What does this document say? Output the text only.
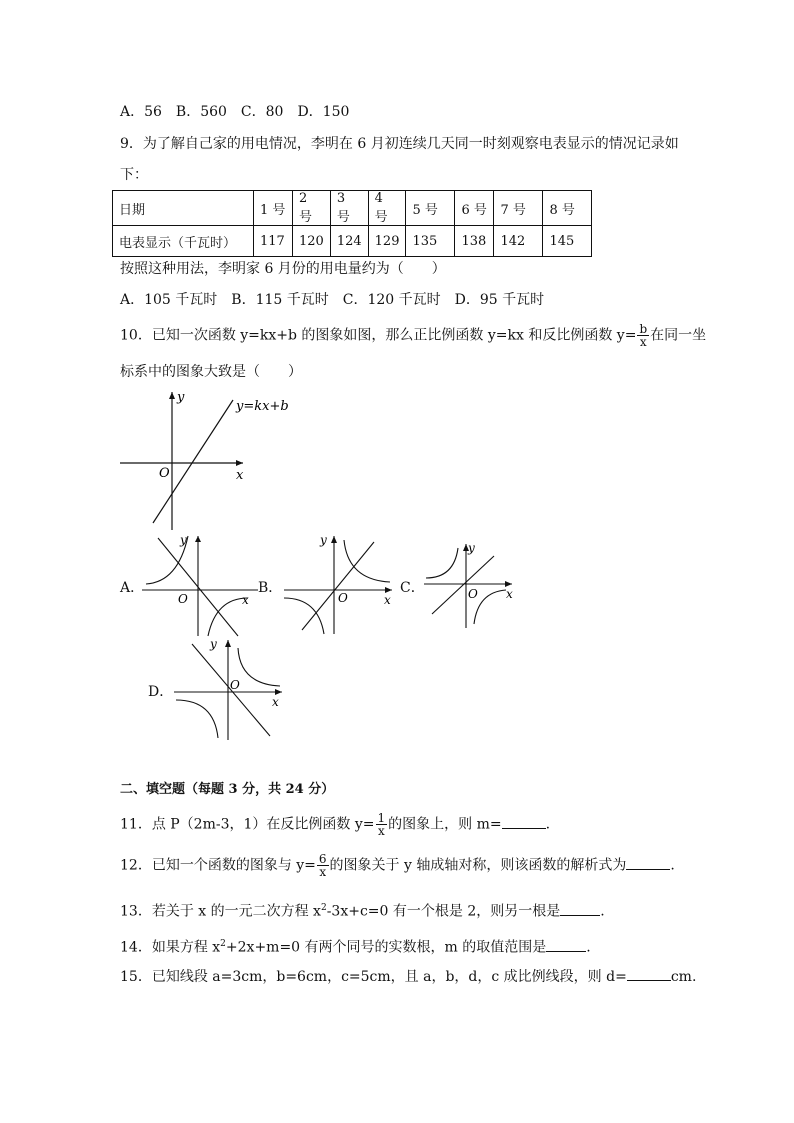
A．56　B．560　C．80　D．150
9．为了解自己家的用电情况，李明在 6 月初连续几天同一时刻观察电表显示的情况记录如
下：
日期	1 号	2 号	3 号	4 号	5 号	6 号	7 号	8 号
电表显示（千瓦时）	117	120	124	129	135	138	142	145
按照这种用法，李明家 6 月份的用电量约为（　　）
A．105 千瓦时　B．115 千瓦时　C．120 千瓦时　D．95 千瓦时
10．已知一次函数 y=kx+b 的图象如图，那么正比例函数 y=kx 和反比例函数 $y= \frac{b}{x}$ 在同一坐
标系中的图象大致是（　　）
y
x
O
y=kx+b
A．
y
O	x
B．
y
O	x
C．
y
O x
D．
y
O
x
二、填空题（每题 3 分，共 24 分）
11．点 P（2m-3，1）在反比例函数 $y= \frac{1}{x}$ 的图象上，则 m=	.
12．已知一个函数的图象与 $y= \frac{6}{x}$ 的图象关于 y 轴成轴对称，则该函数的解析式为	.
13．若关于 x 的一元二次方程 $x^2-3x+c=0$ 有一个根是 2，则另一根是	.
14．如果方程 $x^2+2x+m=0$ 有两个同号的实数根，m 的取值范围是	.
15．已知线段 a=3cm，b=6cm，c=5cm，且 a，b，d，c 成比例线段，则 d=	cm.
